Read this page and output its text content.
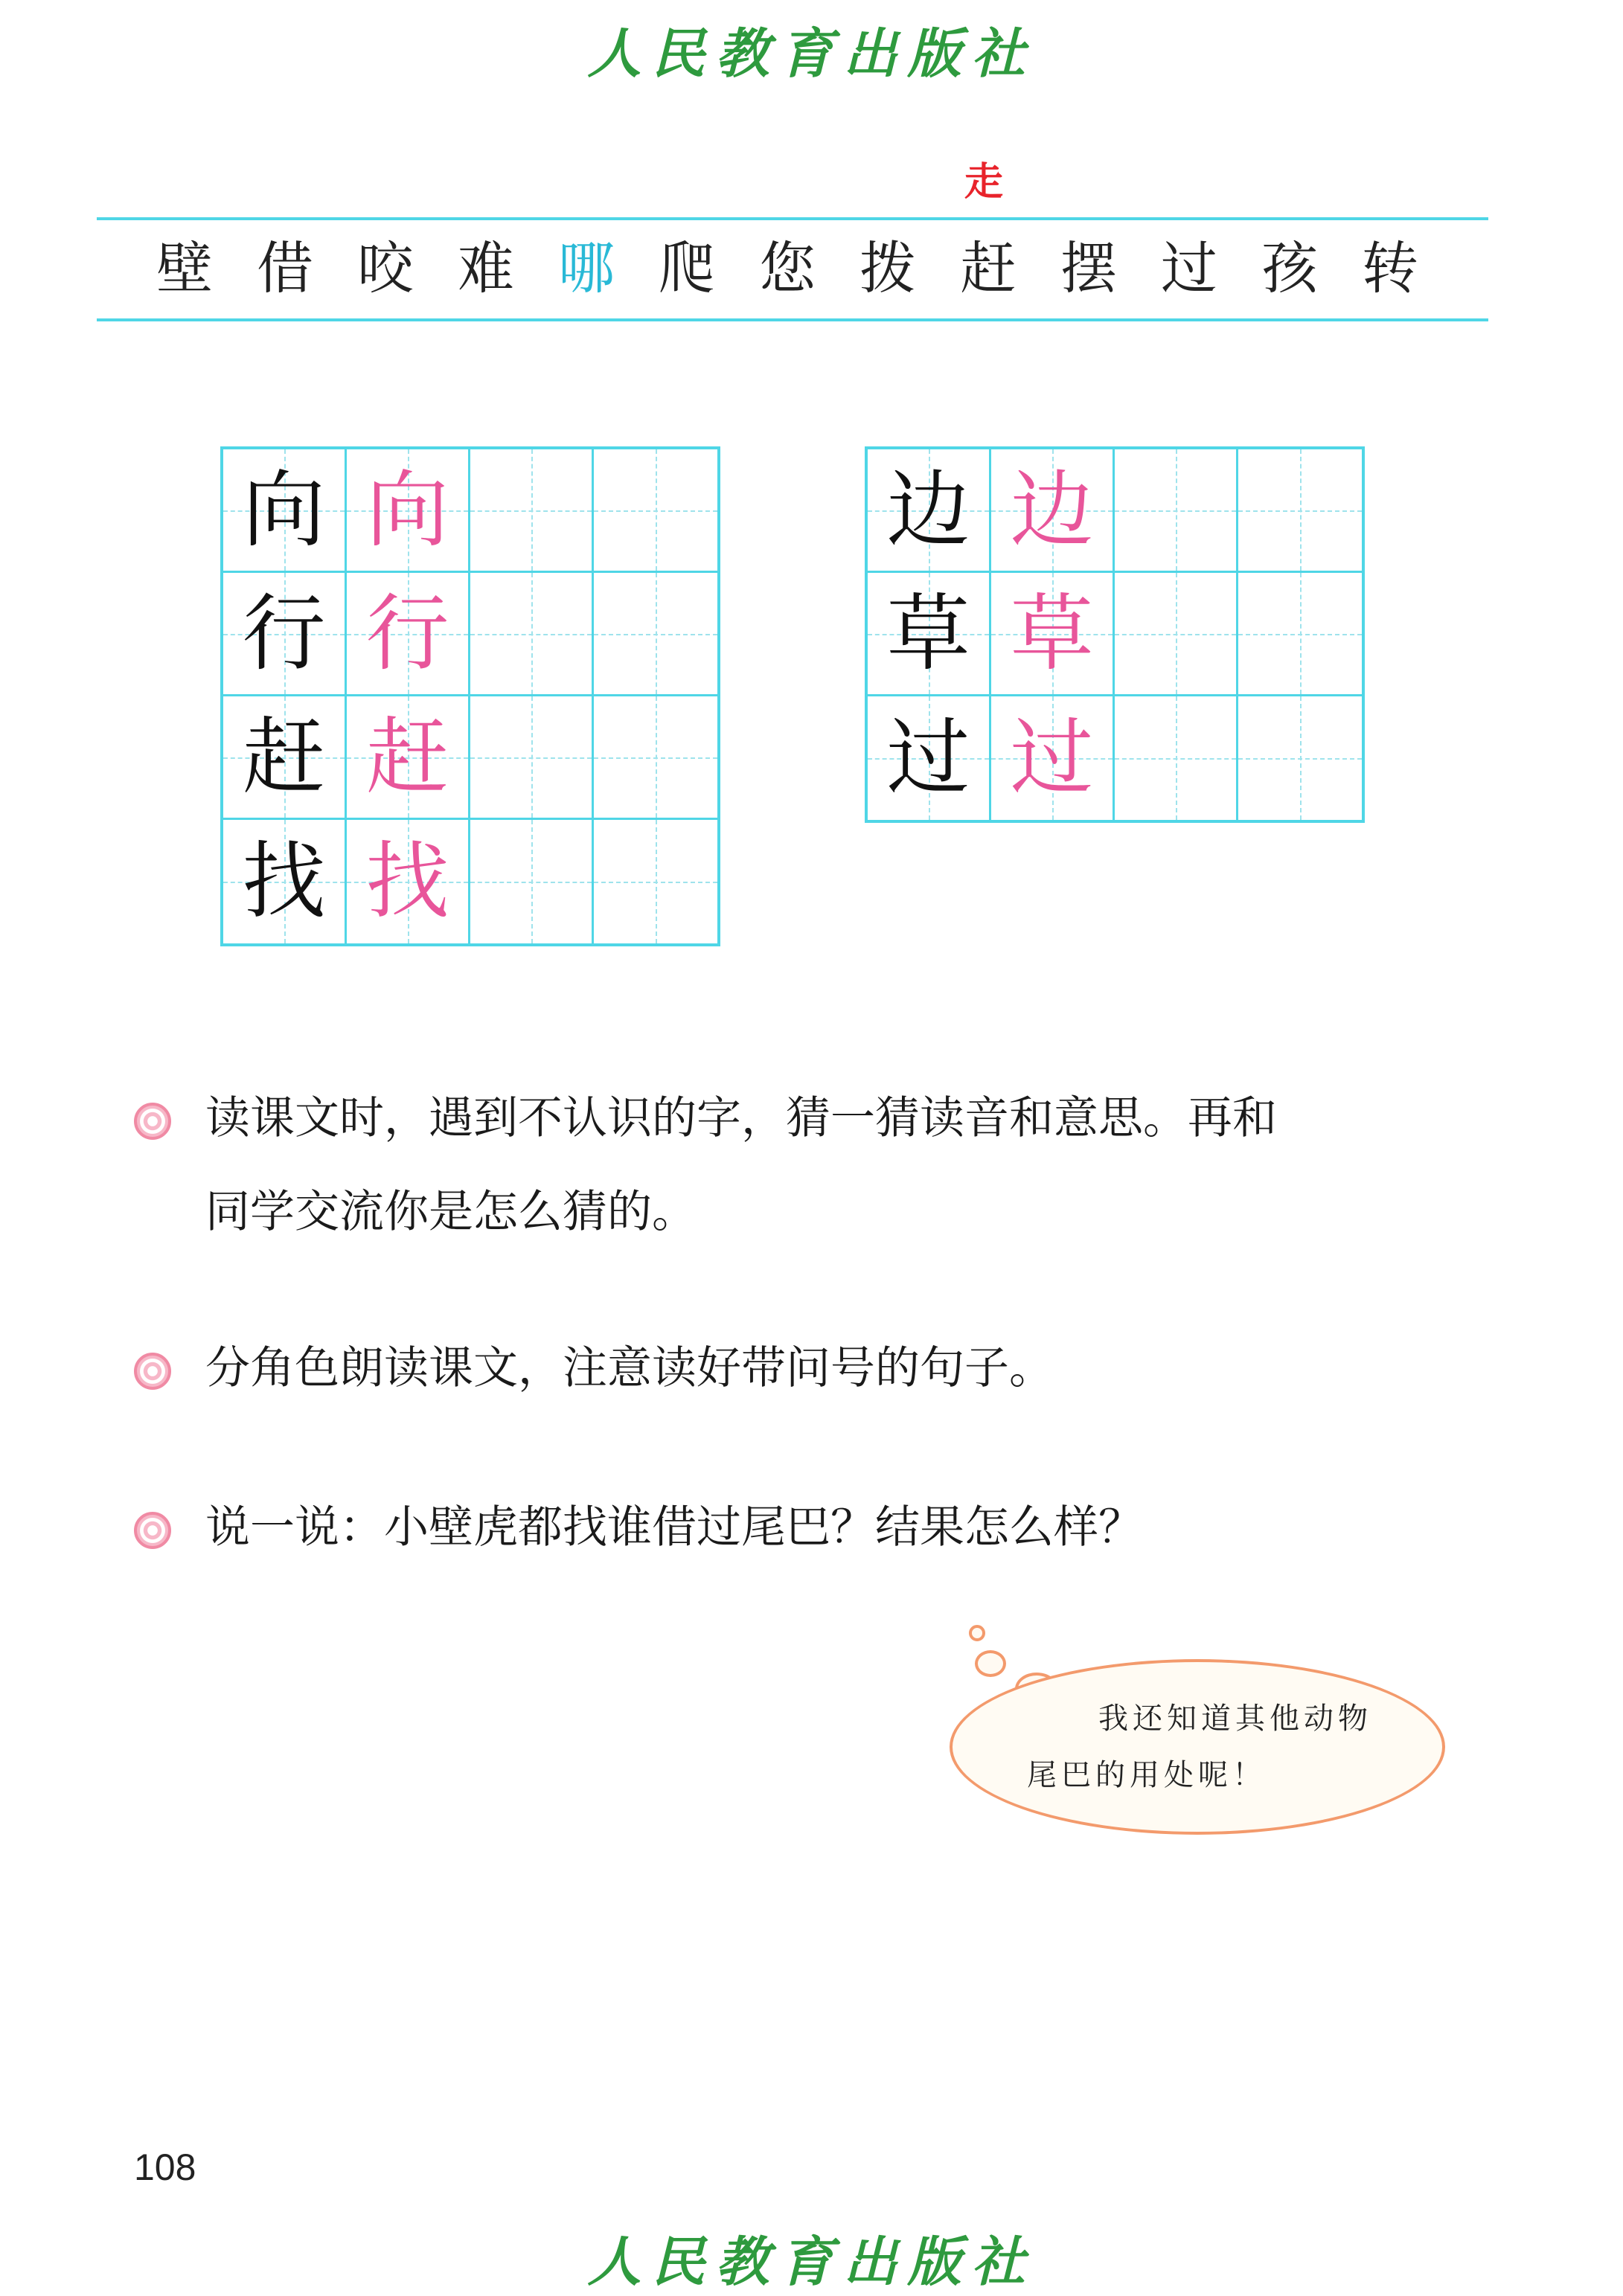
人民教育出版社
走
壁 借 咬 难 哪 爬 您 拨 赶 摆 过 孩 转
向 向
行 行
赶 赶
找 找
边 边
草 草
过 过
读课文时，遇到不认识的字，猜一猜读音和意思。再和
同学交流你是怎么猜的。
分角色朗读课文，注意读好带问号的句子。
说一说：小壁虎都找谁借过尾巴？结果怎么样？
我还知道其他动物
尾巴的用处呢！
108
人民教育出版社
